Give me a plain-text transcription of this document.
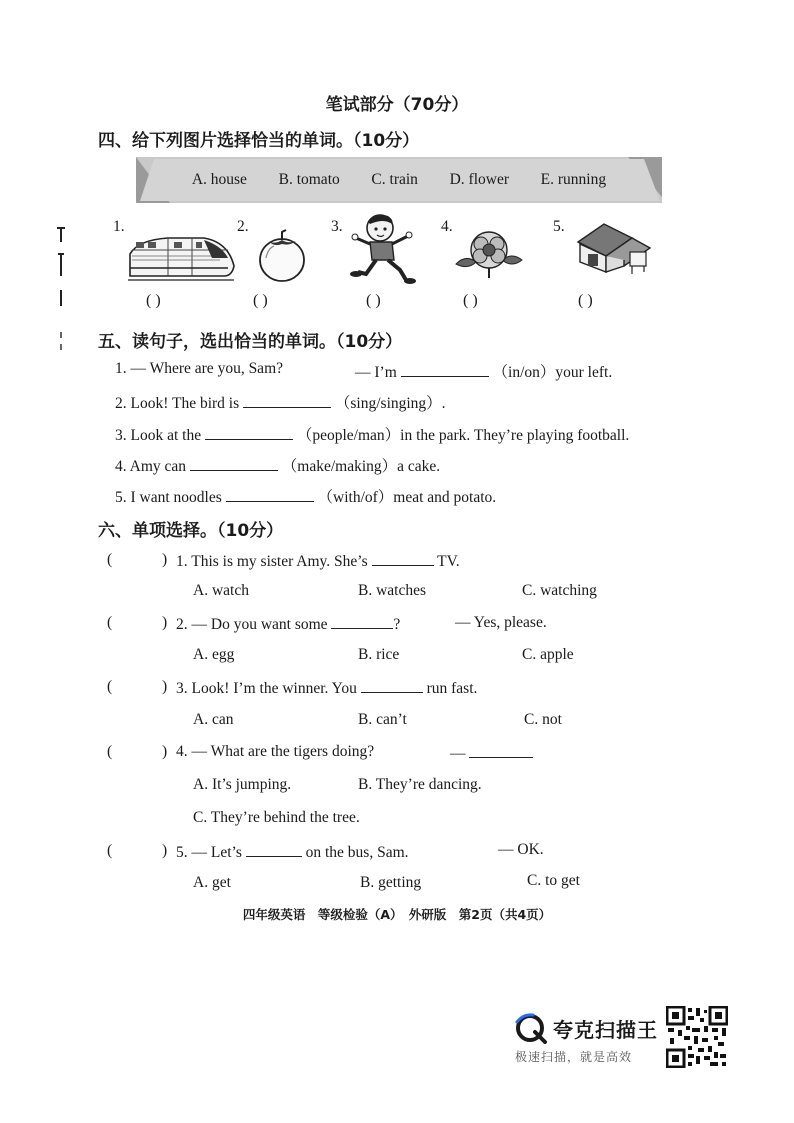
笔试部分（70分）
四、给下列图片选择恰当的单词。（10分）
A. house B. tomato C. train D. flower E. running
1.
( )
2.
( )
3.
( )
4.
( )
5.
( )
五、读句子，选出恰当的单词。（10分）
1. — Where are you, Sam?	— I’m	（in/on）your left.
2. Look! The bird is	（sing/singing）.
3. Look at the	（people/man）in the park. They’re playing football.
4. Amy can	（make/making）a cake.
5. I want noodles	（with/of）meat and potato.
六、单项选择。（10分）
(	) 1. This is my sister Amy. She’s	TV.
A. watch	B. watches	C. watching
(	) 2. — Do you want some	?	— Yes, please.
A. egg	B. rice	C. apple
(	) 3. Look! I’m the winner. You	run fast.
A. can	B. can’t	C. not
(	) 4. — What are the tigers doing?	—
A. It’s jumping.	B. They’re dancing.
C. They’re behind the tree.
(	) 5. — Let’s	on the bus, Sam.	— OK.
A. get	B. getting	C. to get
四年级英语　等级检验（A）　外研版　第2页（共4页）
夸克扫描王
极速扫描，就是高效
